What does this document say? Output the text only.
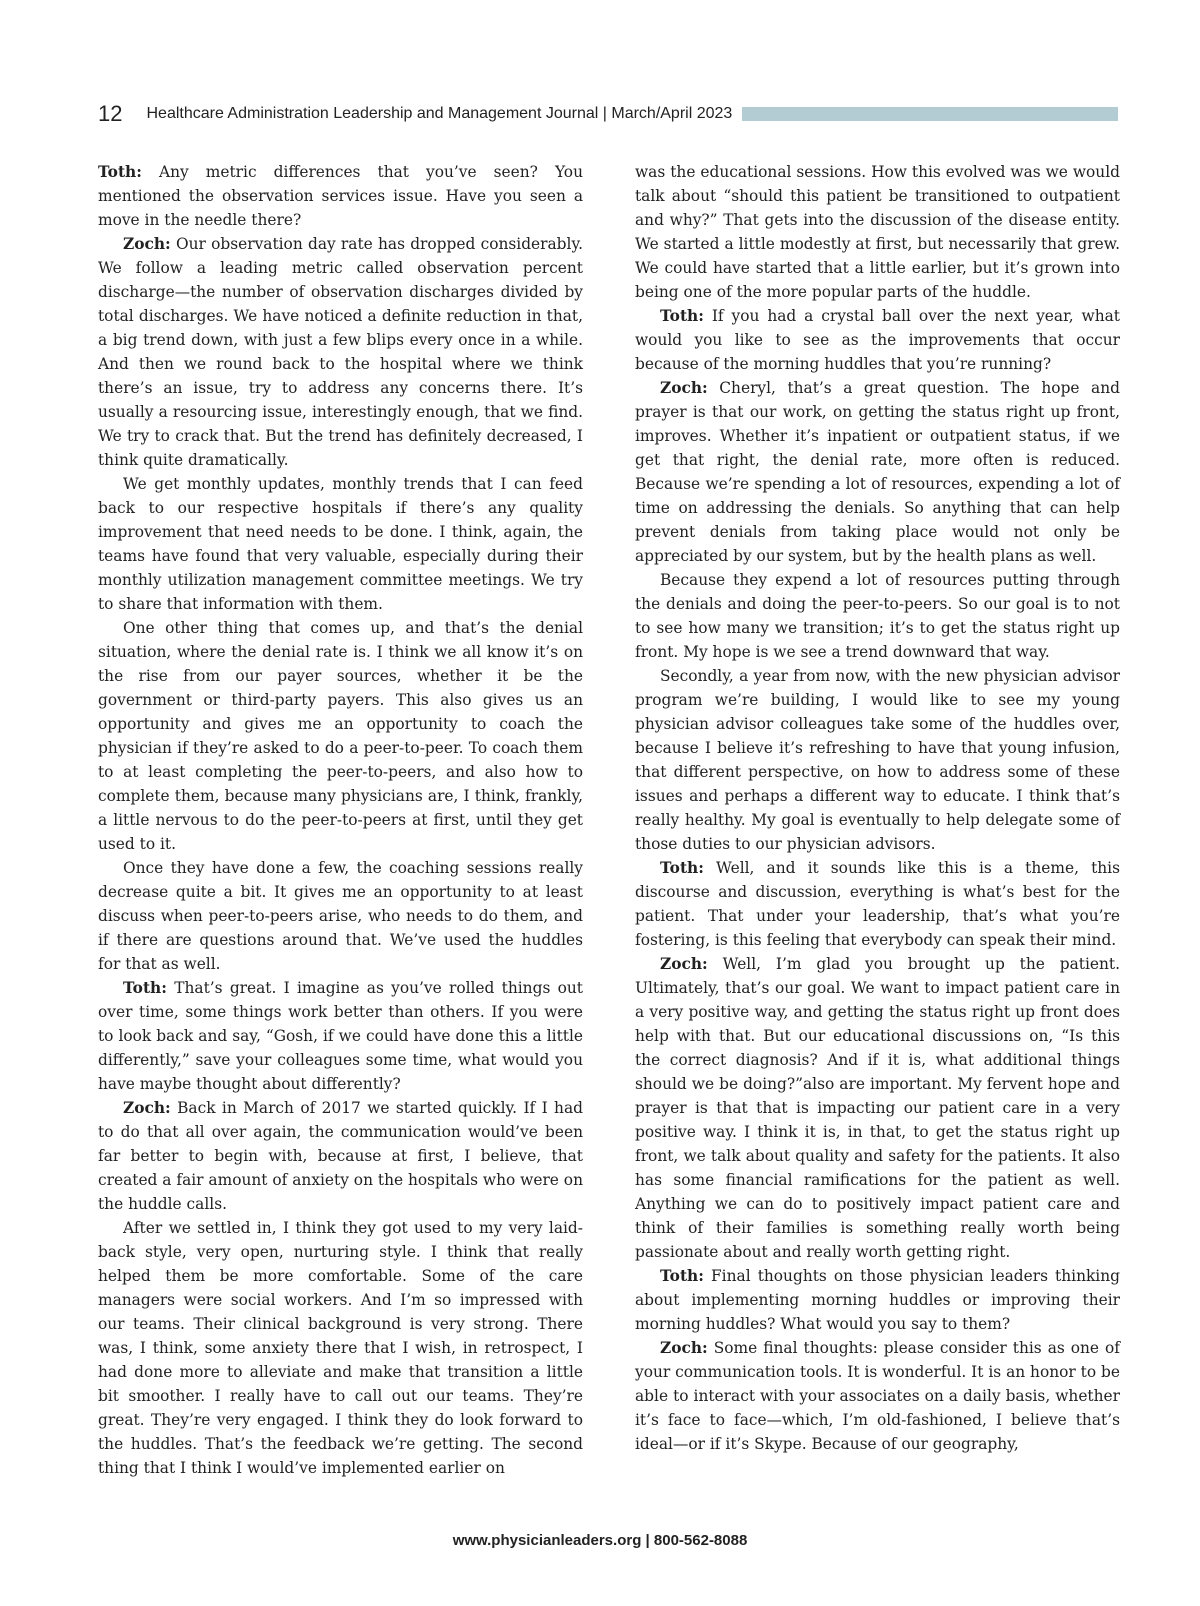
12 Healthcare Administration Leadership and Management Journal | March/April 2023

Toth: Any metric differences that you’ve seen? You mentioned the observation services issue. Have you seen a move in the needle there?

Zoch: Our observation day rate has dropped considerably. We follow a leading metric called observation percent discharge—the number of observation discharges divided by total discharges. We have noticed a definite reduction in that, a big trend down, with just a few blips every once in a while. And then we round back to the hospital where we think there’s an issue, try to address any concerns there. It’s usually a resourcing issue, interestingly enough, that we find. We try to crack that. But the trend has definitely decreased, I think quite dramatically.

We get monthly updates, monthly trends that I can feed back to our respective hospitals if there’s any quality improvement that need needs to be done. I think, again, the teams have found that very valuable, especially during their monthly utilization management committee meetings. We try to share that information with them.

One other thing that comes up, and that’s the denial situation, where the denial rate is. I think we all know it’s on the rise from our payer sources, whether it be the government or third-party payers. This also gives us an opportunity and gives me an opportunity to coach the physician if they’re asked to do a peer-to-peer. To coach them to at least completing the peer-to-peers, and also how to complete them, because many physicians are, I think, frankly, a little nervous to do the peer-to-peers at first, until they get used to it.

Once they have done a few, the coaching sessions really decrease quite a bit. It gives me an opportunity to at least discuss when peer-to-peers arise, who needs to do them, and if there are questions around that. We’ve used the huddles for that as well.

Toth: That’s great. I imagine as you’ve rolled things out over time, some things work better than others. If you were to look back and say, “Gosh, if we could have done this a little differently,” save your colleagues some time, what would you have maybe thought about differently?

Zoch: Back in March of 2017 we started quickly. If I had to do that all over again, the communication would’ve been far better to begin with, because at first, I believe, that created a fair amount of anxiety on the hospitals who were on the huddle calls.

After we settled in, I think they got used to my very laid-back style, very open, nurturing style. I think that really helped them be more comfortable. Some of the care managers were social workers. And I’m so impressed with our teams. Their clinical background is very strong. There was, I think, some anxiety there that I wish, in retrospect, I had done more to alleviate and make that transition a little bit smoother. I really have to call out our teams. They’re great. They’re very engaged. I think they do look forward to the huddles. That’s the feedback we’re getting. The second thing that I think I would’ve implemented earlier on

was the educational sessions. How this evolved was we would talk about “should this patient be transitioned to outpatient and why?” That gets into the discussion of the disease entity. We started a little modestly at first, but necessarily that grew. We could have started that a little earlier, but it’s grown into being one of the more popular parts of the huddle.

Toth: If you had a crystal ball over the next year, what would you like to see as the improvements that occur because of the morning huddles that you’re running?

Zoch: Cheryl, that’s a great question. The hope and prayer is that our work, on getting the status right up front, improves. Whether it’s inpatient or outpatient status, if we get that right, the denial rate, more often is reduced. Because we’re spending a lot of resources, expending a lot of time on addressing the denials. So anything that can help prevent denials from taking place would not only be appreciated by our system, but by the health plans as well.

Because they expend a lot of resources putting through the denials and doing the peer-to-peers. So our goal is to not to see how many we transition; it’s to get the status right up front. My hope is we see a trend downward that way.

Secondly, a year from now, with the new physician advisor program we’re building, I would like to see my young physician advisor colleagues take some of the huddles over, because I believe it’s refreshing to have that young infusion, that different perspective, on how to address some of these issues and perhaps a different way to educate. I think that’s really healthy. My goal is eventually to help delegate some of those duties to our physician advisors.

Toth: Well, and it sounds like this is a theme, this discourse and discussion, everything is what’s best for the patient. That under your leadership, that’s what you’re fostering, is this feeling that everybody can speak their mind.

Zoch: Well, I’m glad you brought up the patient. Ultimately, that’s our goal. We want to impact patient care in a very positive way, and getting the status right up front does help with that. But our educational discussions on, “Is this the correct diagnosis? And if it is, what additional things should we be doing?”also are important. My fervent hope and prayer is that that is impacting our patient care in a very positive way. I think it is, in that, to get the status right up front, we talk about quality and safety for the patients. It also has some financial ramifications for the patient as well. Anything we can do to positively impact patient care and think of their families is something really worth being passionate about and really worth getting right.

Toth: Final thoughts on those physician leaders thinking about implementing morning huddles or improving their morning huddles? What would you say to them?

Zoch: Some final thoughts: please consider this as one of your communication tools. It is wonderful. It is an honor to be able to interact with your associates on a daily basis, whether it’s face to face—which, I’m old-fashioned, I believe that’s ideal—or if it’s Skype. Because of our geography,

www.physicianleaders.org | 800-562-8088
